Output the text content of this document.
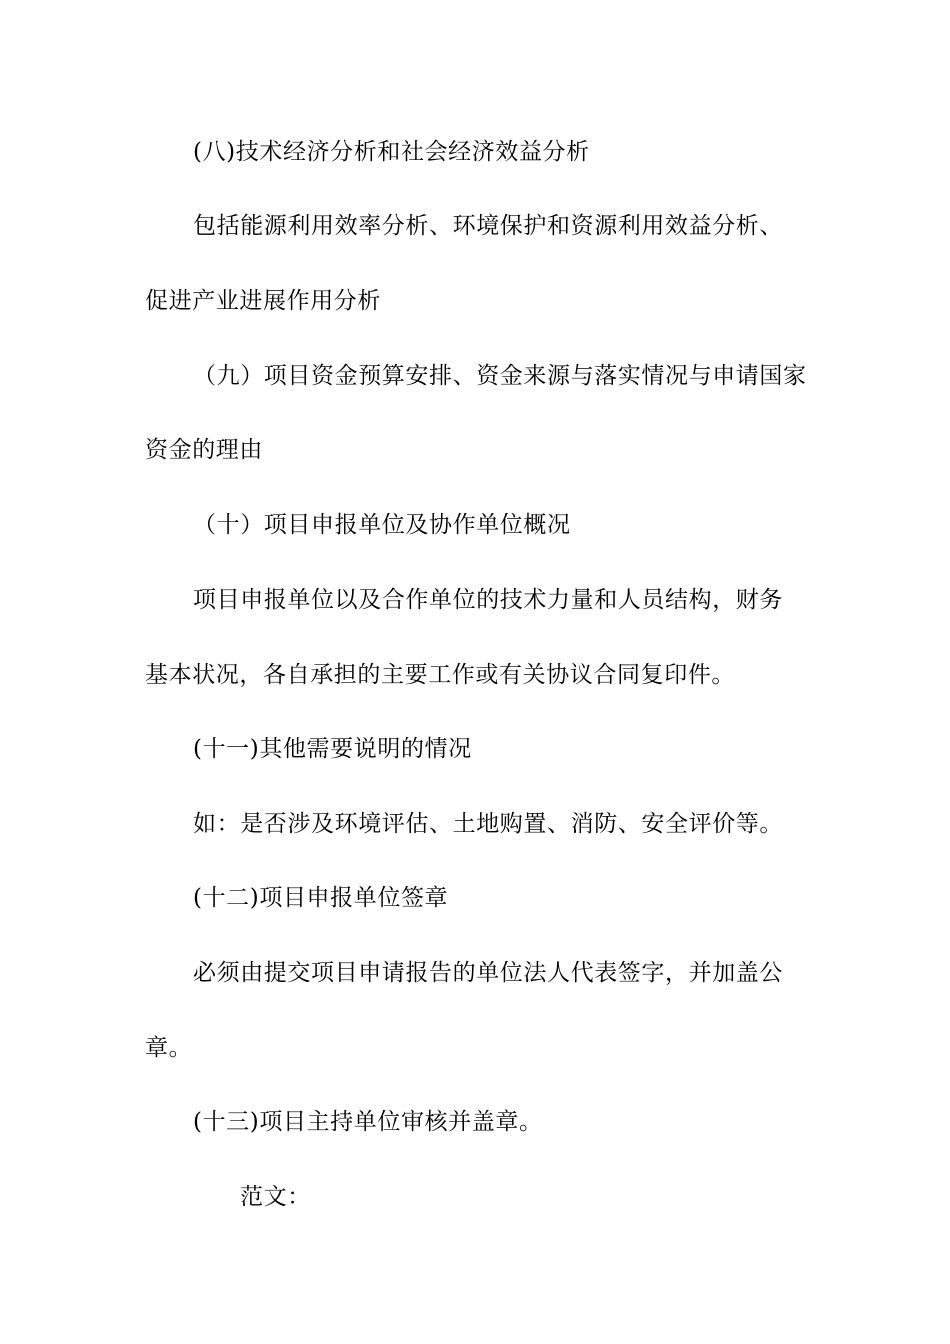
(八)技术经济分析和社会经济效益分析
包括能源利用效率分析、环境保护和资源利用效益分析、
促进产业进展作用分析
（九）项目资金预算安排、资金来源与落实情况与申请国家
资金的理由
（十）项目申报单位及协作单位概况
项目申报单位以及合作单位的技术力量和人员结构，财务
基本状况，各自承担的主要工作或有关协议合同复印件。
(十一)其他需要说明的情况
如：是否涉及环境评估、土地购置、消防、安全评价等。
(十二)项目申报单位签章
必须由提交项目申请报告的单位法人代表签字，并加盖公
章。
(十三)项目主持单位审核并盖章。
范文：
